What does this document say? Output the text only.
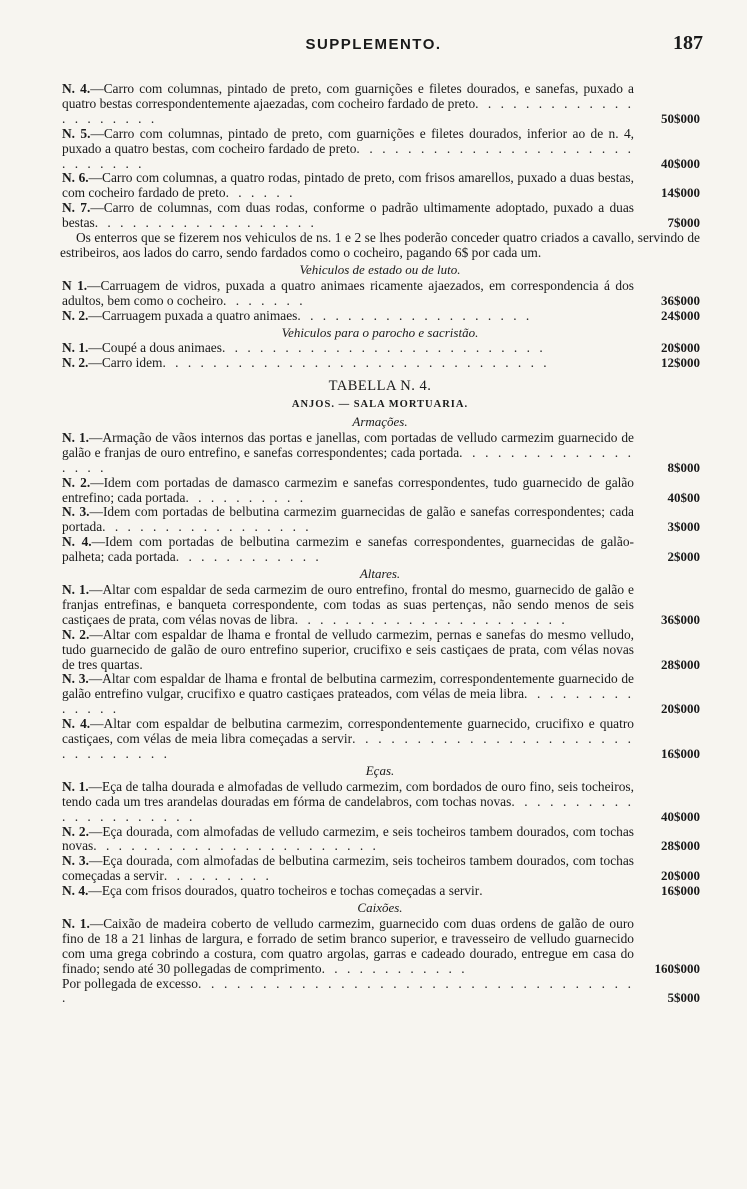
SUPPLEMENTO.	187
N. 4.—Carro com columnas, pintado de preto, com guarnições e filetes dourados, e sanefas, puxado a quatro bestas correspondentemente ajaezadas, com cocheiro fardado de preto. . . . . . . . . . . . . . . . . . . . .	50$000
N. 5.—Carro com columnas, pintado de preto, com guarnições e filetes dourados, inferior ao de n. 4, puxado a quatro bestas, com cocheiro fardado de preto. . . . . . . . . . . . . . . . . . . . . . . . . . . . .	40$000
N. 6.—Carro com columnas, a quatro rodas, pintado de preto, com frisos amarellos, puxado a duas bestas, com cocheiro fardado de preto. . . . . .	14$000
N. 7.—Carro de columnas, com duas rodas, conforme o padrão ultimamente adoptado, puxado a duas bestas. . . . . . . . . . . . . . . . . .	7$000

Os enterros que se fizerem nos vehiculos de ns. 1 e 2 se lhes poderão conceder quatro criados a cavallo, servindo de estribeiros, aos lados do carro, sendo fardados como o cocheiro, pagando 6$ por cada um.

Vehiculos de estado ou de luto.
N 1.—Carruagem de vidros, puxada a quatro animaes ricamente ajaezados, em correspondencia á dos adultos, bem como o cocheiro. . . . . . .	36$000
N. 2.—Carruagem puxada a quatro animaes. . . . . . . . . . . . . . . . . . .	24$000
Vehiculos para o parocho e sacristão.
N. 1.—Coupé a dous animaes. . . . . . . . . . . . . . . . . . . . . . . . . .	20$000
N. 2.—Carro idem. . . . . . . . . . . . . . . . . . . . . . . . . . . . . . .	12$000
TABELLA N. 4.
ANJOS. — SALA MORTUARIA.
Armações.
N. 1.—Armação de vãos internos das portas e janellas, com portadas de velludo carmezim guarnecido de galão e franjas de ouro entrefino, e sanefas correspondentes; cada portada. . . . . . . . . . . . . . . . . .	8$000
N. 2.—Idem com portadas de damasco carmezim e sanefas correspondentes, tudo guarnecido de galão entrefino; cada portada. . . . . . . . . .	40$00
N. 3.—Idem com portadas de belbutina carmezim guarnecidas de galão e sanefas correspondentes; cada portada. . . . . . . . . . . . . . . . .	3$000
N. 4.—Idem com portadas de belbutina carmezim e sanefas correspondentes, guarnecidas de galão-palheta; cada portada. . . . . . . . . . . .	2$000
Altares.
N. 1.—Altar com espaldar de seda carmezim de ouro entrefino, frontal do mesmo, guarnecido de galão e franjas entrefinas, e banqueta correspondente, com todas as suas pertenças, não sendo menos de seis castiçaes de prata, com vélas novas de libra. . . . . . . . . . . . . . . . . . . . . .	36$000
N. 2.—Altar com espaldar de lhama e frontal de velludo carmezim, pernas e sanefas do mesmo velludo, tudo guarnecido de galão de ouro entrefino superior, crucifixo e seis castiçaes de prata, com vélas novas de tres quartas.	28$000
N. 3.—Altar com espaldar de lhama e frontal de belbutina carmezim, correspondentemente guarnecido de galão entrefino vulgar, crucifixo e quatro castiçaes prateados, com vélas de meia libra. . . . . . . . . . . . . .	20$000
N. 4.—Altar com espaldar de belbutina carmezim, correspondentemente guarnecido, crucifixo e quatro castiçaes, com vélas de meia libra começadas a servir. . . . . . . . . . . . . . . . . . . . . . . . . . . . . . .	16$000
Eças.
N. 1.—Eça de talha dourada e almofadas de velludo carmezim, com bordados de ouro fino, seis tocheiros, tendo cada um tres arandelas douradas em fórma de candelabros, com tochas novas. . . . . . . . . . . . . . . . . . . . .	40$000
N. 2.—Eça dourada, com almofadas de velludo carmezim, e seis tocheiros tambem dourados, com tochas novas. . . . . . . . . . . . . . . . . . . . . . .	28$000
N. 3.—Eça dourada, com almofadas de belbutina carmezim, seis tocheiros tambem dourados, com tochas começadas a servir. . . . . . . . .	20$000
N. 4.—Eça com frisos dourados, quatro tocheiros e tochas começadas a servir.	16$000
Caixões.
N. 1.—Caixão de madeira coberto de velludo carmezim, guarnecido com duas ordens de galão de ouro fino de 18 a 21 linhas de largura, e forrado de setim branco superior, e travesseiro de velludo guarnecido com uma grega cobrindo a costura, com quatro argolas, garras e cadeado dourado, entregue em casa do finado; sendo até 30 pollegadas de comprimento. . . . . . . . . . . .	160$000
Por pollegada de excesso. . . . . . . . . . . . . . . . . . . . . . . . . . . . . . . . . . .	5$000
